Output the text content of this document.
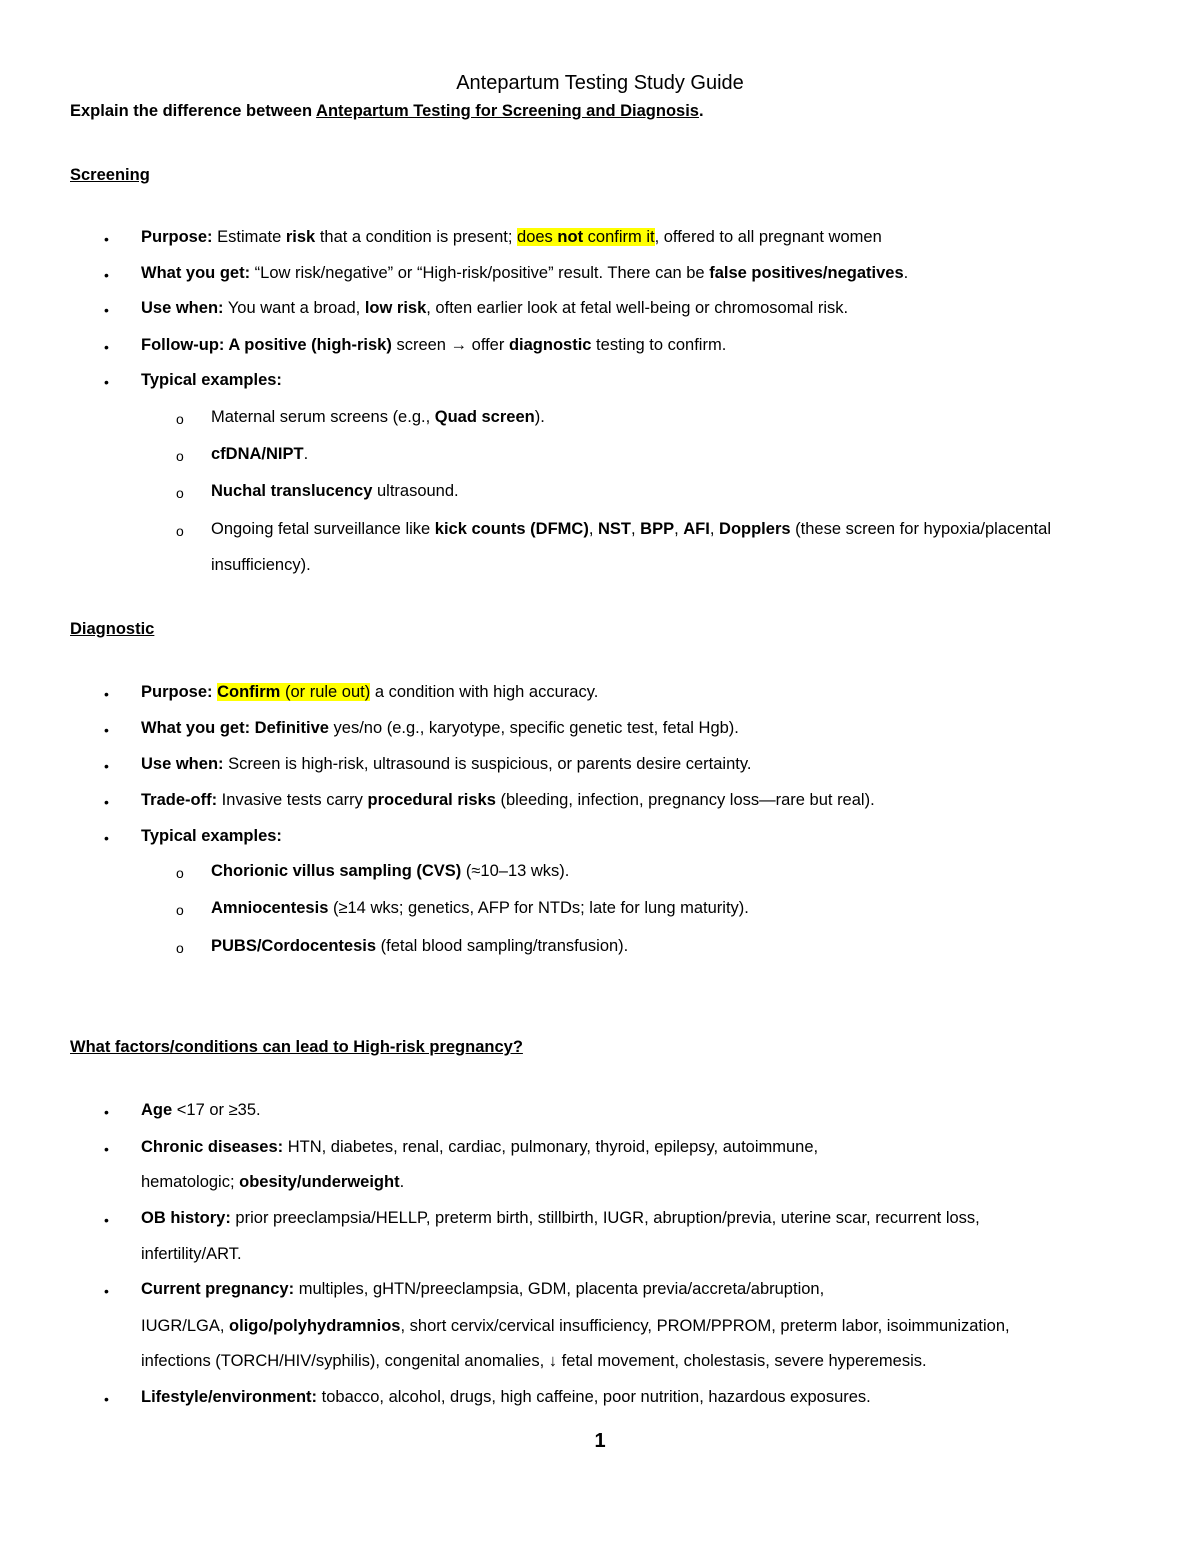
Antepartum Testing Study Guide
Explain the difference between Antepartum Testing for Screening and Diagnosis.
Screening
• Purpose: Estimate risk that a condition is present; does not confirm it, offered to all pregnant women
• What you get: “Low risk/negative” or “High-risk/positive” result. There can be false positives/negatives.
• Use when: You want a broad, low risk, often earlier look at fetal well-being or chromosomal risk.
• Follow-up: A positive (high-risk) screen → offer diagnostic testing to confirm.
• Typical examples:
o Maternal serum screens (e.g., Quad screen).
o cfDNA/NIPT.
o Nuchal translucency ultrasound.
o Ongoing fetal surveillance like kick counts (DFMC), NST, BPP, AFI, Dopplers (these screen for hypoxia/placental
insufficiency).
Diagnostic
• Purpose: Confirm (or rule out) a condition with high accuracy.
• What you get: Definitive yes/no (e.g., karyotype, specific genetic test, fetal Hgb).
• Use when: Screen is high-risk, ultrasound is suspicious, or parents desire certainty.
• Trade-off: Invasive tests carry procedural risks (bleeding, infection, pregnancy loss—rare but real).
• Typical examples:
o Chorionic villus sampling (CVS) (≈10–13 wks).
o Amniocentesis (≥14 wks; genetics, AFP for NTDs; late for lung maturity).
o PUBS/Cordocentesis (fetal blood sampling/transfusion).
What factors/conditions can lead to High-risk pregnancy?
• Age <17 or ≥35.
• Chronic diseases: HTN, diabetes, renal, cardiac, pulmonary, thyroid, epilepsy, autoimmune,
hematologic; obesity/underweight.
• OB history: prior preeclampsia/HELLP, preterm birth, stillbirth, IUGR, abruption/previa, uterine scar, recurrent loss,
infertility/ART.
• Current pregnancy: multiples, gHTN/preeclampsia, GDM, placenta previa/accreta/abruption,
IUGR/LGA, oligo/polyhydramnios, short cervix/cervical insufficiency, PROM/PPROM, preterm labor, isoimmunization,
infections (TORCH/HIV/syphilis), congenital anomalies, ↓ fetal movement, cholestasis, severe hyperemesis.
• Lifestyle/environment: tobacco, alcohol, drugs, high caffeine, poor nutrition, hazardous exposures.
1
